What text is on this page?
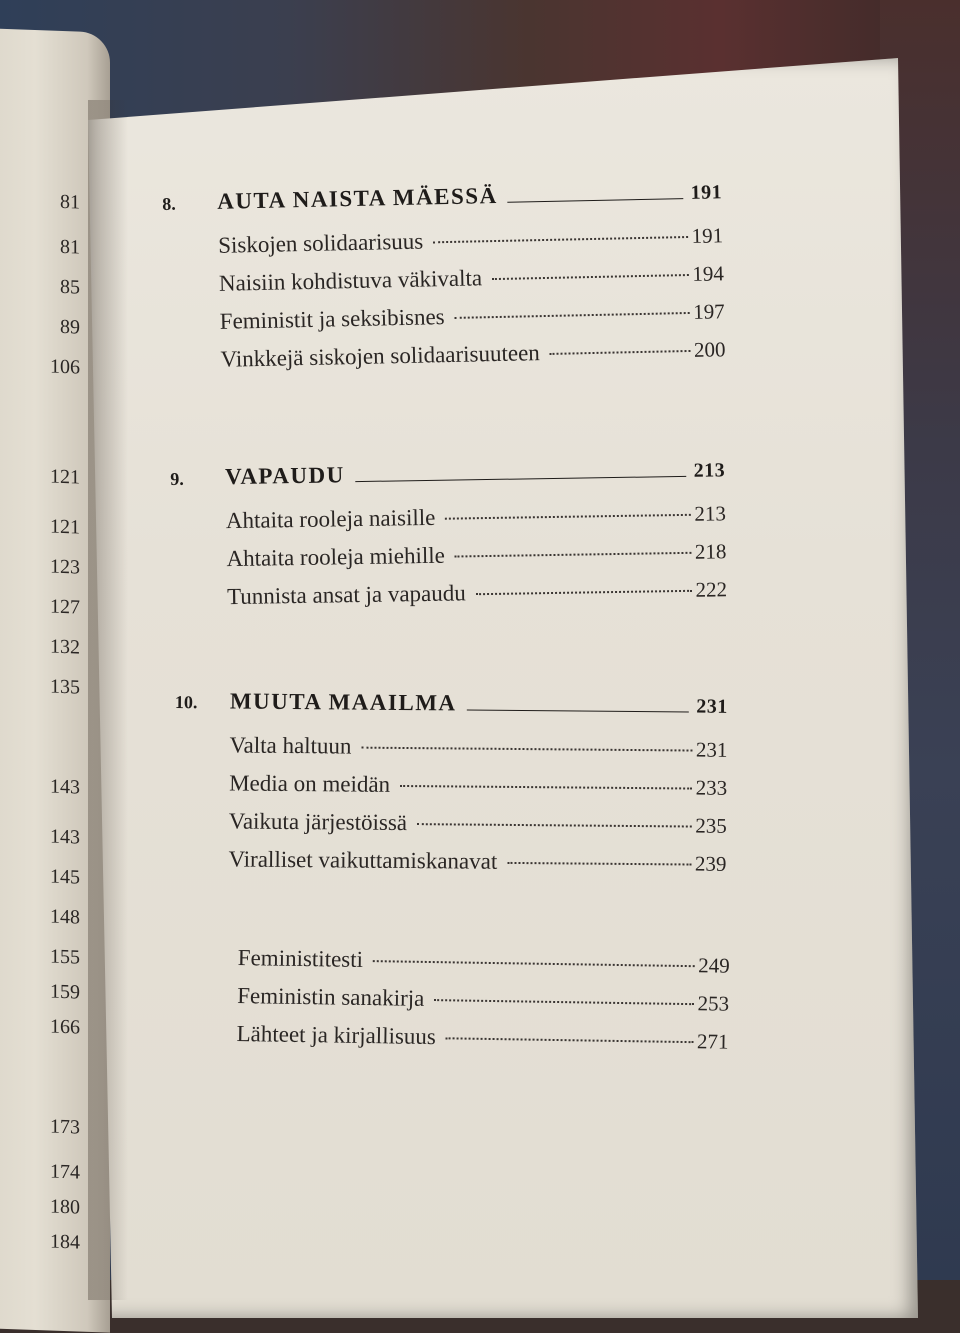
81
81
85
89
106
121
121
123
127
132
135
143
143
145
148
155
159
166
173
174
180
184
8.	AUTA NAISTA MÄESSÄ	191
Siskojen solidaarisuus	191
Naisiin kohdistuva väkivalta	194
Feministit ja seksibisnes	197
Vinkkejä siskojen solidaarisuuteen	200
9.	VAPAUDU	213
Ahtaita rooleja naisille	213
Ahtaita rooleja miehille	218
Tunnista ansat ja vapaudu	222
10.	MUUTA MAAILMA	231
Valta haltuun	231
Media on meidän	233
Vaikuta järjestöissä	235
Viralliset vaikuttamiskanavat	239
Feministitesti	249
Feministin sanakirja	253
Lähteet ja kirjallisuus	271
